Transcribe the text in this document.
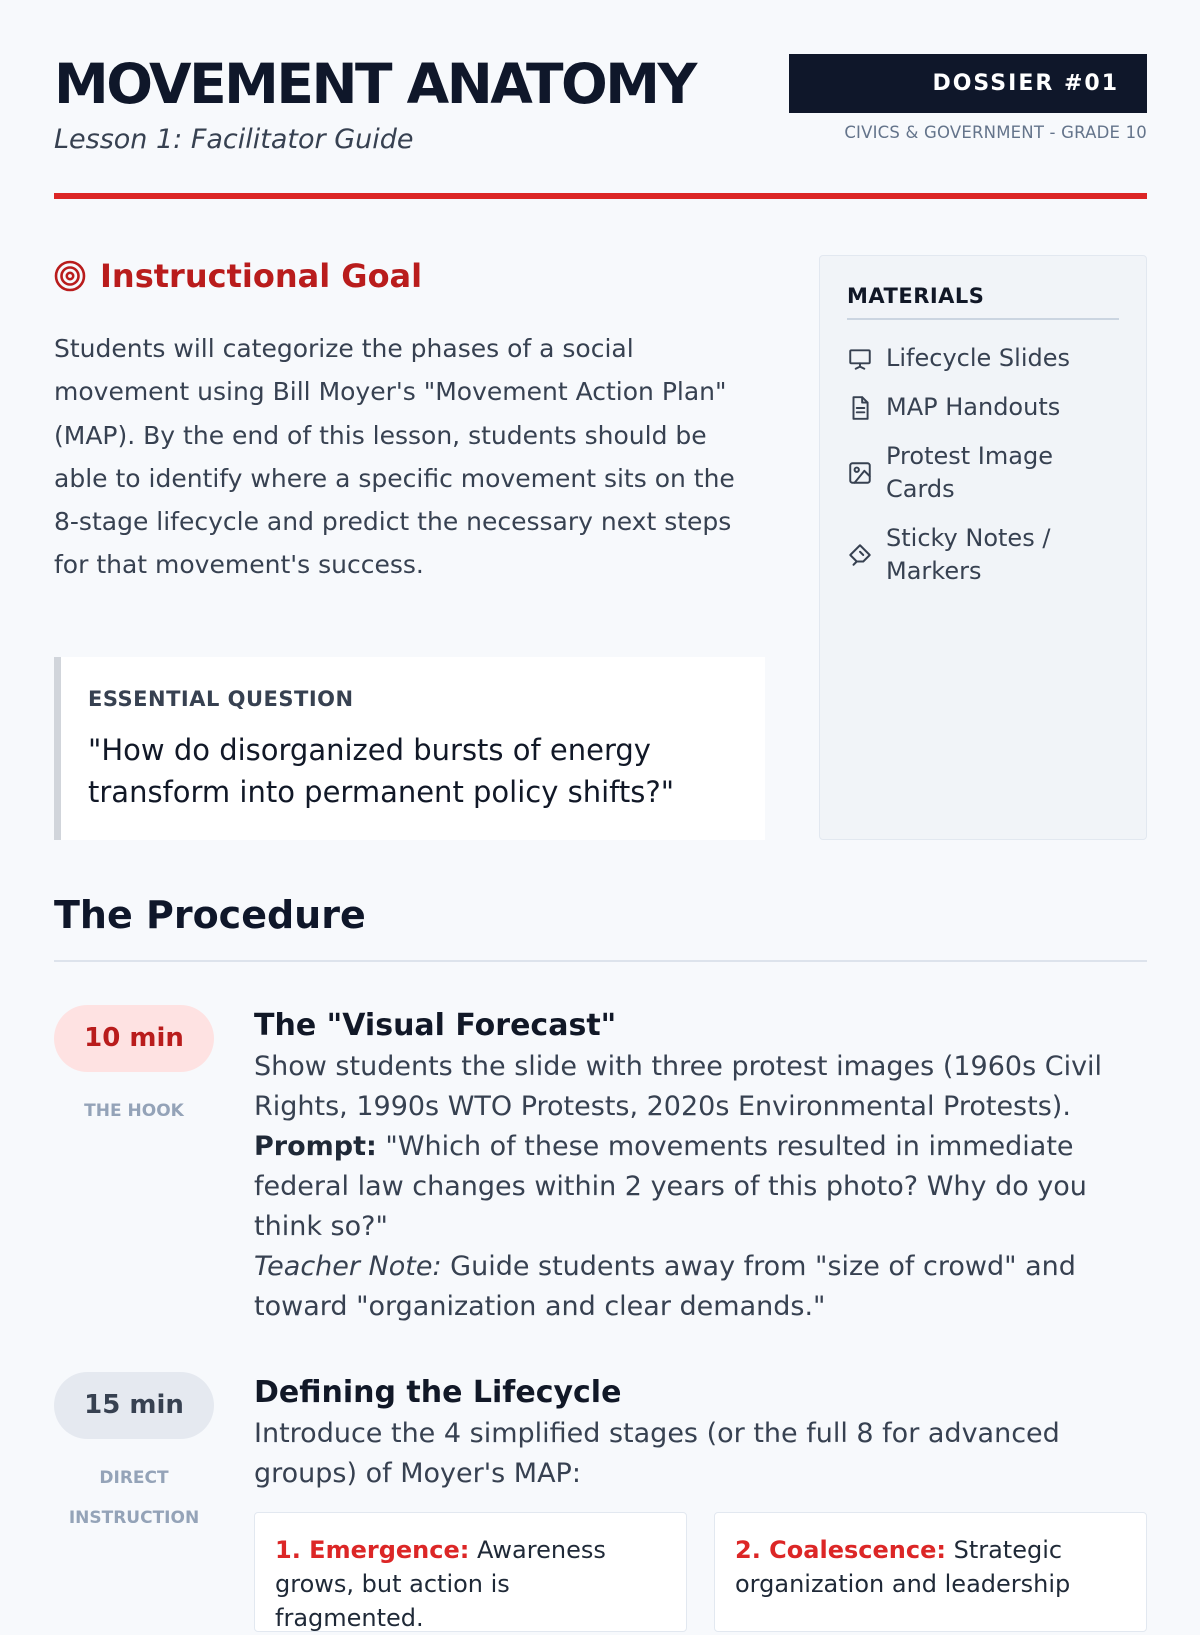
MOVEMENT ANATOMY
Lesson 1: Facilitator Guide
DOSSIER #01
CIVICS & GOVERNMENT - GRADE 10
Instructional Goal

Students will categorize the phases of a social movement using Bill Moyer's "Movement Action Plan" (MAP). By the end of this lesson, students should be able to identify where a specific movement sits on the 8-stage lifecycle and predict the necessary next steps for that movement's success.

ESSENTIAL QUESTION
"How do disorganized bursts of energy transform into permanent policy shifts?"
MATERIALS
Lifecycle Slides
MAP Handouts
Protest Image Cards
Sticky Notes / Markers
The Procedure
10 min
THE HOOK
The "Visual Forecast"

Show students the slide with three protest images (1960s Civil Rights, 1990s WTO Protests, 2020s Environmental Protests).
Prompt: "Which of these movements resulted in immediate federal law changes within 2 years of this photo? Why do you think so?"
Teacher Note: Guide students away from "size of crowd" and toward "organization and clear demands."

15 min
DIRECT INSTRUCTION
Defining the Lifecycle

Introduce the 4 simplified stages (or the full 8 for advanced groups) of Moyer's MAP:

1. Emergence: Awareness grows, but action is fragmented.
2. Coalescence: Strategic organization and leadership
